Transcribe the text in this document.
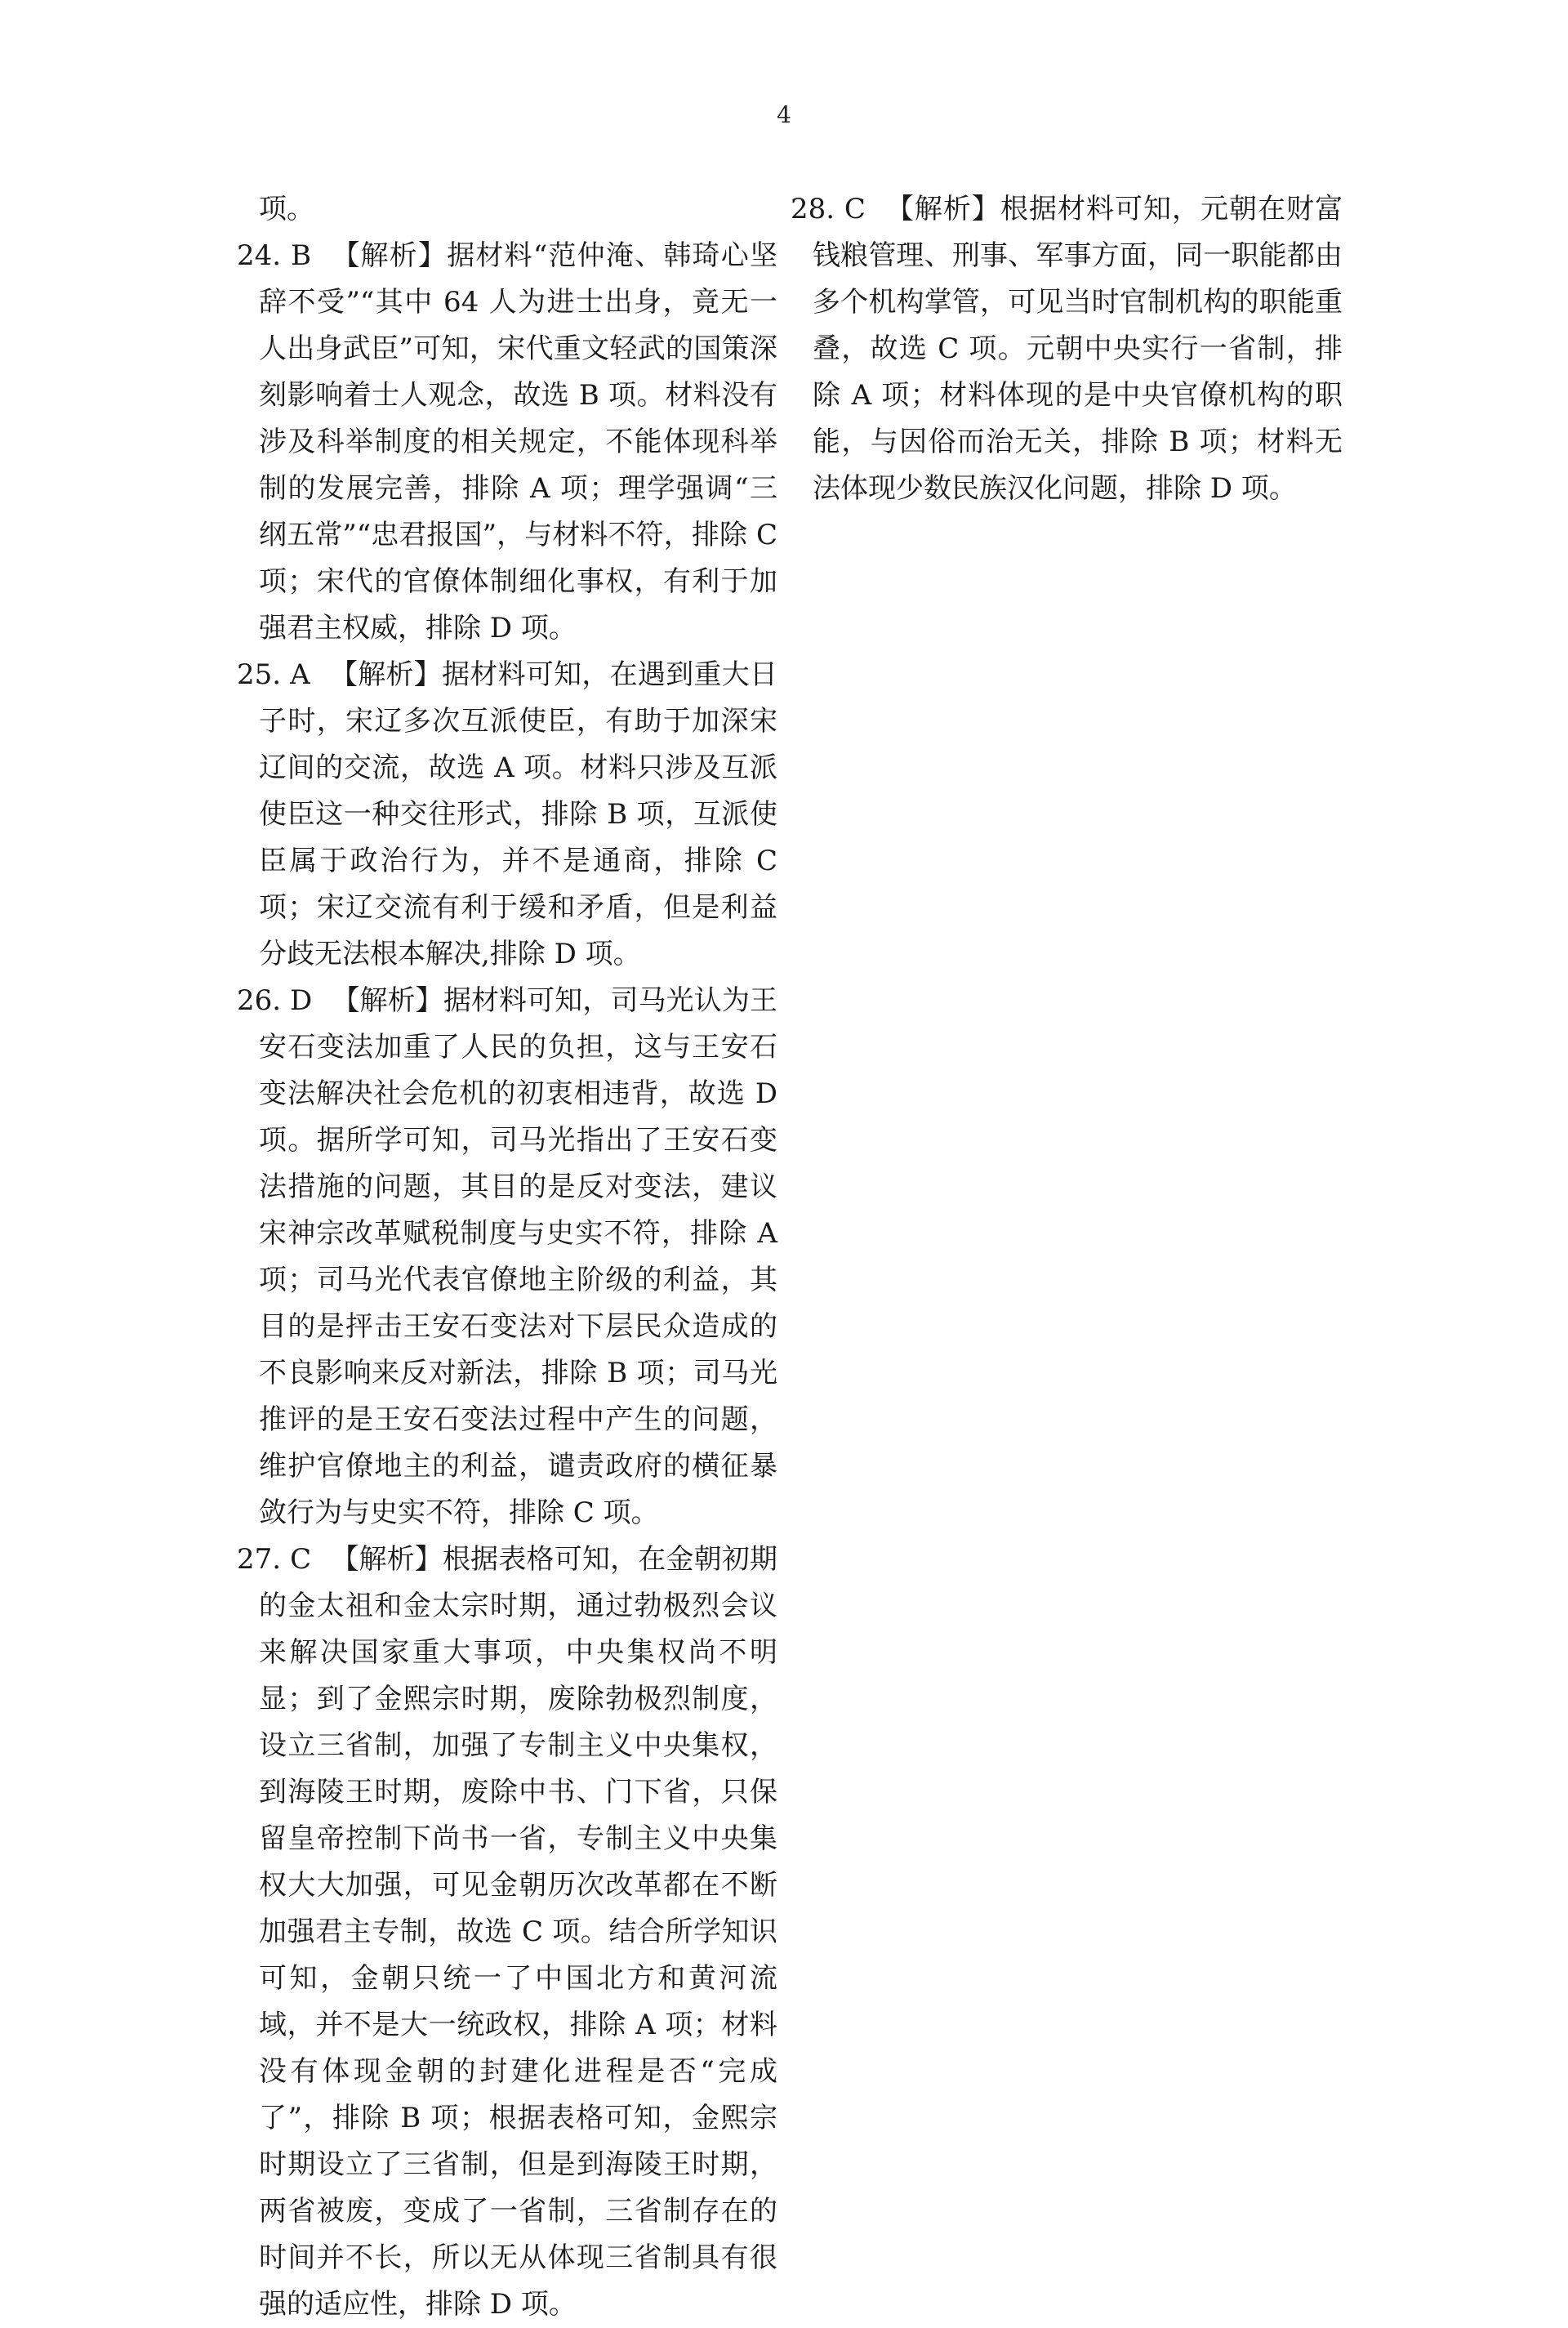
4

项。

24. B 【解析】据材料“范仲淹、韩琦心坚辞不受”“其中 64 人为进士出身，竟无一人出身武臣”可知，宋代重文轻武的国策深刻影响着士人观念，故选 B 项。材料没有涉及科举制度的相关规定，不能体现科举制的发展完善，排除 A 项；理学强调“三纲五常”“忠君报国”，与材料不符，排除 C 项；宋代的官僚体制细化事权，有利于加强君主权威，排除 D 项。

25. A 【解析】据材料可知，在遇到重大日子时，宋辽多次互派使臣，有助于加深宋辽间的交流，故选 A 项。材料只涉及互派使臣这一种交往形式，排除 B 项，互派使臣属于政治行为，并不是通商，排除 C 项；宋辽交流有利于缓和矛盾，但是利益分歧无法根本解决,排除 D 项。

26. D 【解析】据材料可知，司马光认为王安石变法加重了人民的负担，这与王安石变法解决社会危机的初衷相违背，故选 D 项。据所学可知，司马光指出了王安石变法措施的问题，其目的是反对变法，建议宋神宗改革赋税制度与史实不符，排除 A 项；司马光代表官僚地主阶级的利益，其目的是抨击王安石变法对下层民众造成的不良影响来反对新法，排除 B 项；司马光推评的是王安石变法过程中产生的问题，维护官僚地主的利益，谴责政府的横征暴敛行为与史实不符，排除 C 项。

27. C 【解析】根据表格可知，在金朝初期的金太祖和金太宗时期，通过勃极烈会议来解决国家重大事项，中央集权尚不明显；到了金熙宗时期，废除勃极烈制度，设立三省制，加强了专制主义中央集权，到海陵王时期，废除中书、门下省，只保留皇帝控制下尚书一省，专制主义中央集权大大加强，可见金朝历次改革都在不断加强君主专制，故选 C 项。结合所学知识可知，金朝只统一了中国北方和黄河流域，并不是大一统政权，排除 A 项；材料没有体现金朝的封建化进程是否“完成了”，排除 B 项；根据表格可知，金熙宗时期设立了三省制，但是到海陵王时期，两省被废，变成了一省制，三省制存在的时间并不长，所以无从体现三省制具有很强的适应性，排除 D 项。

28. C 【解析】根据材料可知，元朝在财富钱粮管理、刑事、军事方面，同一职能都由多个机构掌管，可见当时官制机构的职能重叠，故选 C 项。元朝中央实行一省制，排除 A 项；材料体现的是中央官僚机构的职能，与因俗而治无关，排除 B 项；材料无法体现少数民族汉化问题，排除 D 项。
